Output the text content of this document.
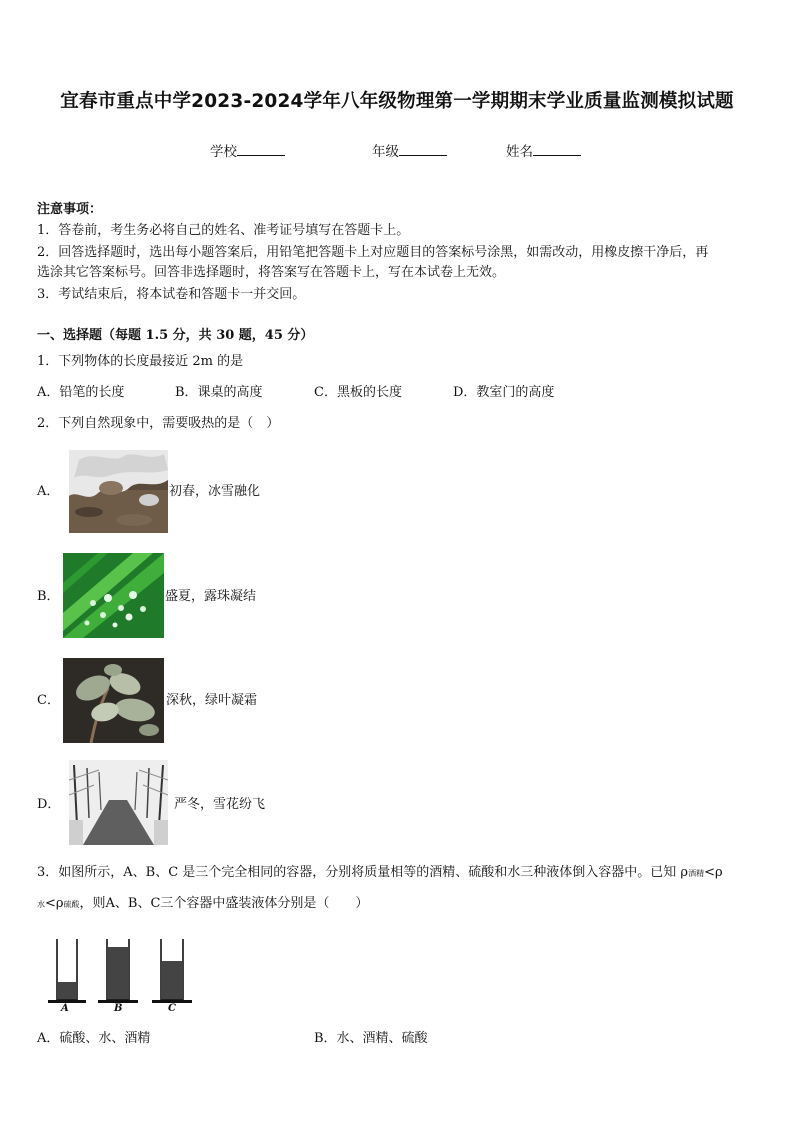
宜春市重点中学2023-2024学年八年级物理第一学期期末学业质量监测模拟试题
学校	年级	姓名
注意事项：
1．答卷前，考生务必将自己的姓名、准考证号填写在答题卡上。
2．回答选择题时，选出每小题答案后，用铅笔把答题卡上对应题目的答案标号涂黑，如需改动，用橡皮擦干净后，再
选涂其它答案标号。回答非选择题时，将答案写在答题卡上，写在本试卷上无效。
3．考试结束后，将本试卷和答题卡一并交回。
一、选择题（每题 1.5 分，共 30 题，45 分）
1．下列物体的长度最接近 2m 的是
A．铅笔的长度	B．课桌的高度	C．黑板的长度	D．教室门的高度
2．下列自然现象中，需要吸热的是（　）
A．	初春，冰雪融化
B．	盛夏，露珠凝结
C．	深秋，绿叶凝霜
D．	严冬，雪花纷飞
3．如图所示，A、B、C 是三个完全相同的容器，分别将质量相等的酒精、硫酸和水三种液体倒入容器中。已知 ρ酒精<ρ
水<ρ硫酸，则A、B、C三个容器中盛装液体分别是（　　）
A	B	C
A．硫酸、水、酒精	B．水、酒精、硫酸
